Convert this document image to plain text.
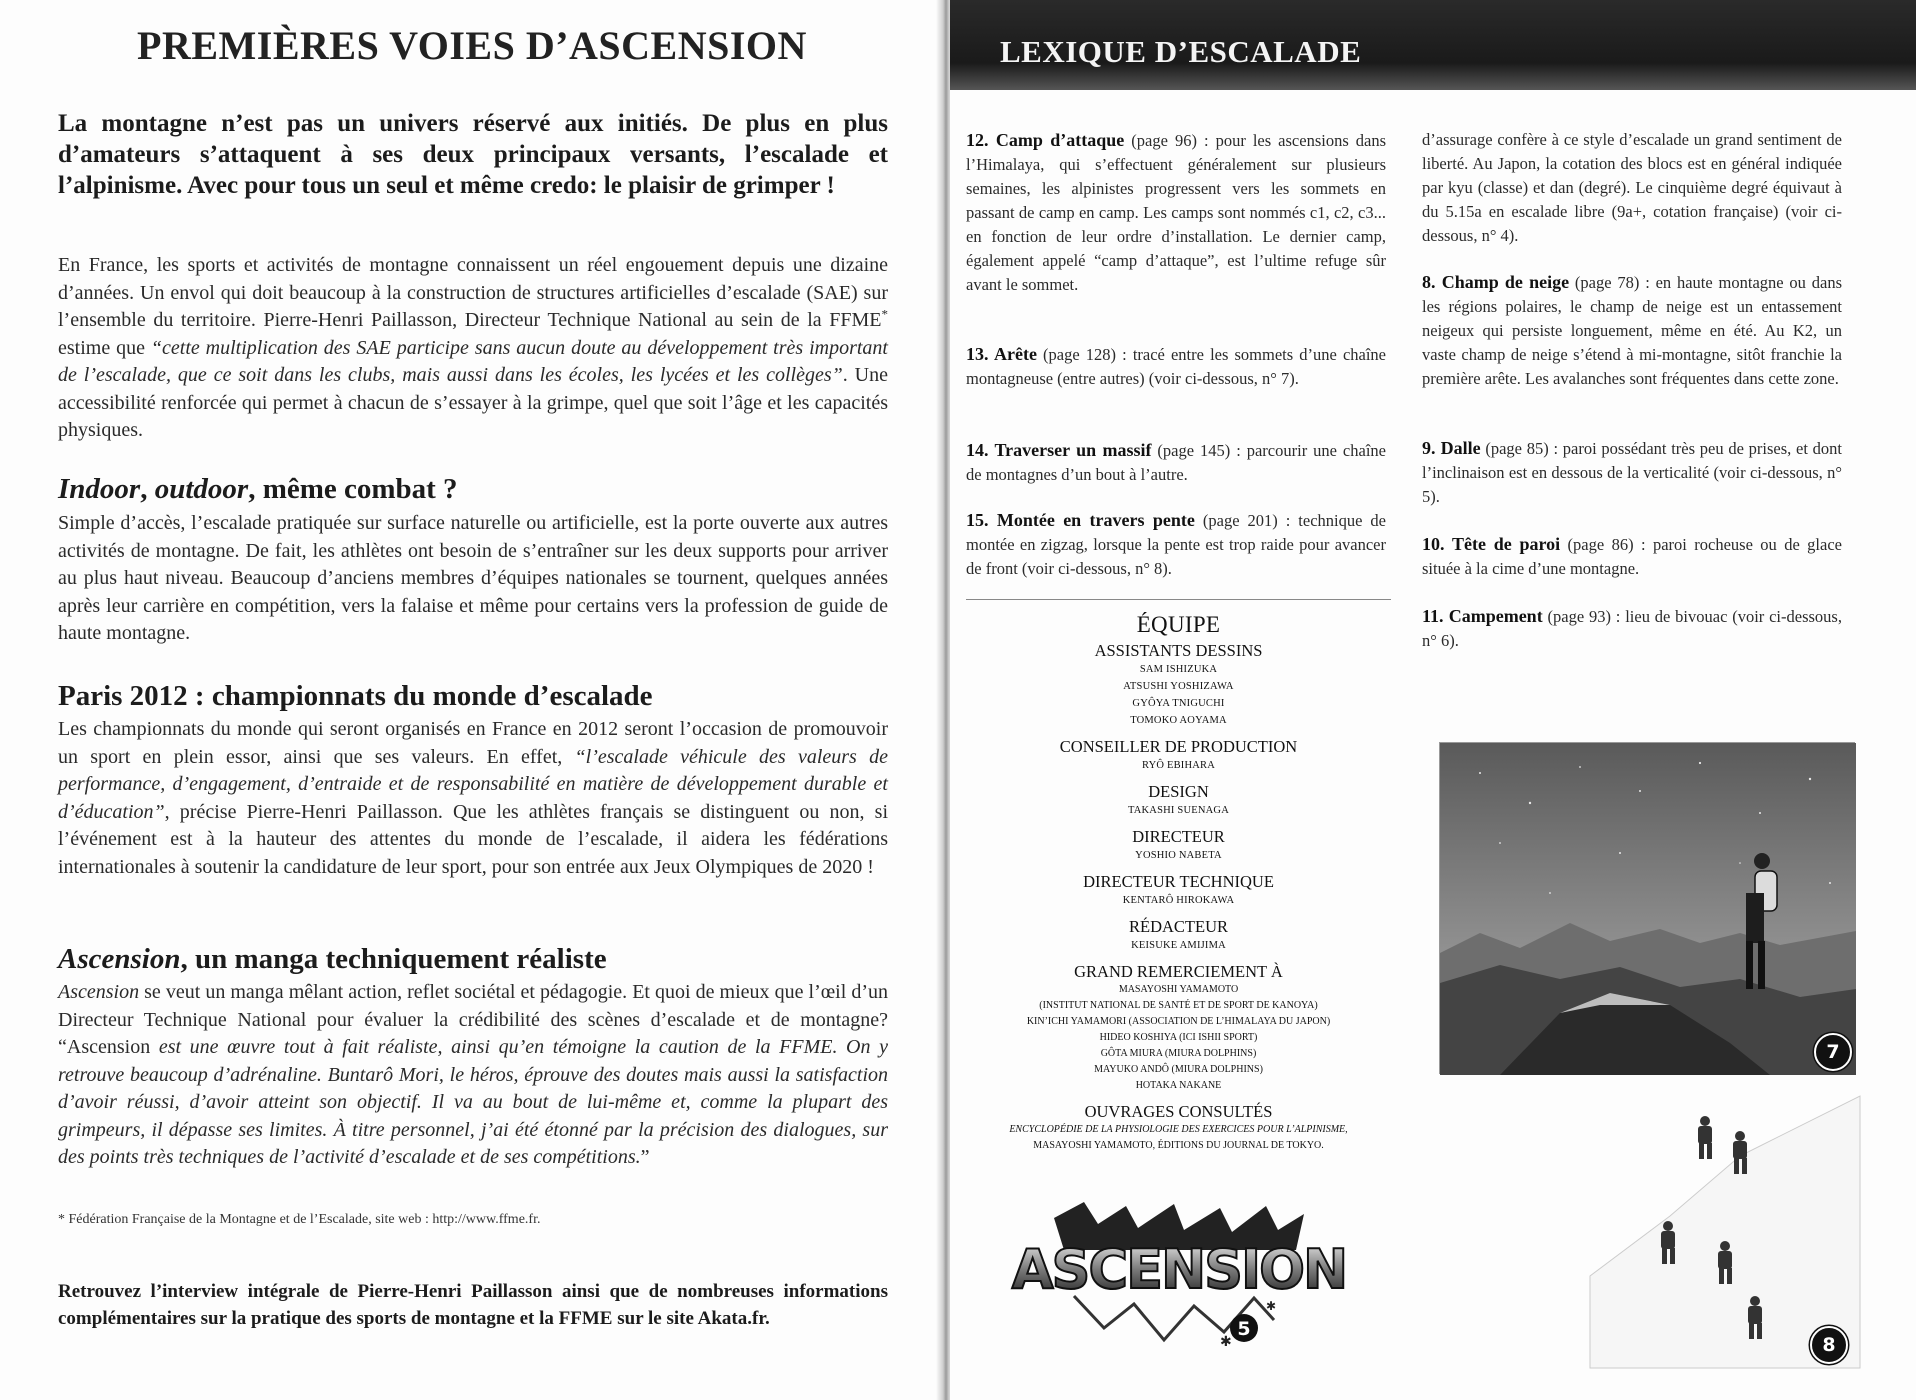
PREMIÈRES VOIES D’ASCENSION

La montagne n’est pas un univers réservé aux initiés. De plus en plus d’amateurs s’attaquent à ses deux principaux versants, l’escalade et l’alpinisme. Avec pour tous un seul et même credo: le plaisir de grimper !

En France, les sports et activités de montagne connaissent un réel engouement depuis une dizaine d’années. Un envol qui doit beaucoup à la construction de structures artificielles d’escalade (SAE) sur l’ensemble du territoire. Pierre-Henri Paillasson, Directeur Technique National au sein de la FFME* estime que “cette multiplication des SAE participe sans aucun doute au développement très important de l’escalade, que ce soit dans les clubs, mais aussi dans les écoles, les lycées et les collèges”. Une accessibilité renforcée qui permet à chacun de s’essayer à la grimpe, quel que soit l’âge et les capacités physiques.

Indoor, outdoor, même combat ?

Simple d’accès, l’escalade pratiquée sur surface naturelle ou artificielle, est la porte ouverte aux autres activités de montagne. De fait, les athlètes ont besoin de s’entraîner sur les deux supports pour arriver au plus haut niveau. Beaucoup d’anciens membres d’équipes nationales se tournent, quelques années après leur carrière en compétition, vers la falaise et même pour certains vers la profession de guide de haute montagne.

Paris 2012 : championnats du monde d’escalade

Les championnats du monde qui seront organisés en France en 2012 seront l’occasion de promouvoir un sport en plein essor, ainsi que ses valeurs. En effet, “l’escalade véhicule des valeurs de performance, d’engagement, d’entraide et de responsabilité en matière de développement durable et d’éducation”, précise Pierre-Henri Paillasson. Que les athlètes français se distinguent ou non, si l’événement est à la hauteur des attentes du monde de l’escalade, il aidera les fédérations internationales à soutenir la candidature de leur sport, pour son entrée aux Jeux Olympiques de 2020 !

Ascension, un manga techniquement réaliste

Ascension se veut un manga mêlant action, reflet sociétal et pédagogie. Et quoi de mieux que l’œil d’un Directeur Technique National pour évaluer la crédibilité des scènes d’escalade et de montagne? “Ascension est une œuvre tout à fait réaliste, ainsi qu’en témoigne la caution de la FFME. On y retrouve beaucoup d’adrénaline. Buntarô Mori, le héros, éprouve des doutes mais aussi la satisfaction d’avoir réussi, d’avoir atteint son objectif. Il va au bout de lui-même et, comme la plupart des grimpeurs, il dépasse ses limites. À titre personnel, j’ai été étonné par la précision des dialogues, sur des points très techniques de l’activité d’escalade et de ses compétitions.”

* Fédération Française de la Montagne et de l’Escalade, site web : http://www.ffme.fr.

Retrouvez l’interview intégrale de Pierre-Henri Paillasson ainsi que de nombreuses informations complémentaires sur la pratique des sports de montagne et la FFME sur le site Akata.fr.

LEXIQUE D’ESCALADE

12. Camp d’attaque (page 96) : pour les ascensions dans l’Himalaya, qui s’effectuent généralement sur plusieurs semaines, les alpinistes progressent vers les sommets en passant de camp en camp. Les camps sont nommés c1, c2, c3... en fonction de leur ordre d’installation. Le dernier camp, également appelé “camp d’attaque”, est l’ultime refuge sûr avant le sommet.

13. Arête (page 128) : tracé entre les sommets d’une chaîne montagneuse (entre autres) (voir ci-dessous, n° 7).

14. Traverser un massif (page 145) : parcourir une chaîne de montagnes d’un bout à l’autre.

15. Montée en travers pente (page 201) : technique de montée en zigzag, lorsque la pente est trop raide pour avancer de front (voir ci-dessous, n° 8).

d’assurage confère à ce style d’escalade un grand sentiment de liberté. Au Japon, la cotation des blocs est en général indiquée par kyu (classe) et dan (degré). Le cinquième degré équivaut à du 5.15a en escalade libre (9a+, cotation française) (voir ci-dessous, n° 4).

8. Champ de neige (page 78) : en haute montagne ou dans les régions polaires, le champ de neige est un entassement neigeux qui persiste longuement, même en été. Au K2, un vaste champ de neige s’étend à mi-montagne, sitôt franchie la première arête. Les avalanches sont fréquentes dans cette zone.

9. Dalle (page 85) : paroi possédant très peu de prises, et dont l’inclinaison est en dessous de la verticalité (voir ci-dessous, n° 5).

10. Tête de paroi (page 86) : paroi rocheuse ou de glace située à la cime d’une montagne.

11. Campement (page 93) : lieu de bivouac (voir ci-dessous, n° 6).

ÉQUIPE
ASSISTANTS DESSINS

SAM ISHIZUKA

ATSUSHI YOSHIZAWA

GYÔYA TNIGUCHI

TOMOKO AOYAMA

CONSEILLER DE PRODUCTION

RYÔ EBIHARA

DESIGN

TAKASHI SUENAGA

DIRECTEUR

YOSHIO NABETA

DIRECTEUR TECHNIQUE

KENTARÔ HIROKAWA

RÉDACTEUR

KEISUKE AMIJIMA

GRAND REMERCIEMENT À

MASAYOSHI YAMAMOTO

(INSTITUT NATIONAL DE SANTÉ ET DE SPORT DE KANOYA)

KIN’ICHI YAMAMORI (ASSOCIATION DE L’HIMALAYA DU JAPON)

HIDEO KOSHIYA (ICI ISHII SPORT)

GÔTA MIURA (MIURA DOLPHINS)

MAYUKO ANDÔ (MIURA DOLPHINS)

HOTAKA NAKANE

OUVRAGES CONSULTÉS

ENCYCLOPÉDIE DE LA PHYSIOLOGIE DES EXERCICES POUR L’ALPINISME,

MASAYOSHI YAMAMOTO, ÉDITIONS DU JOURNAL DE TOKYO.

ASCENSION
5
✱
✱
7
8
